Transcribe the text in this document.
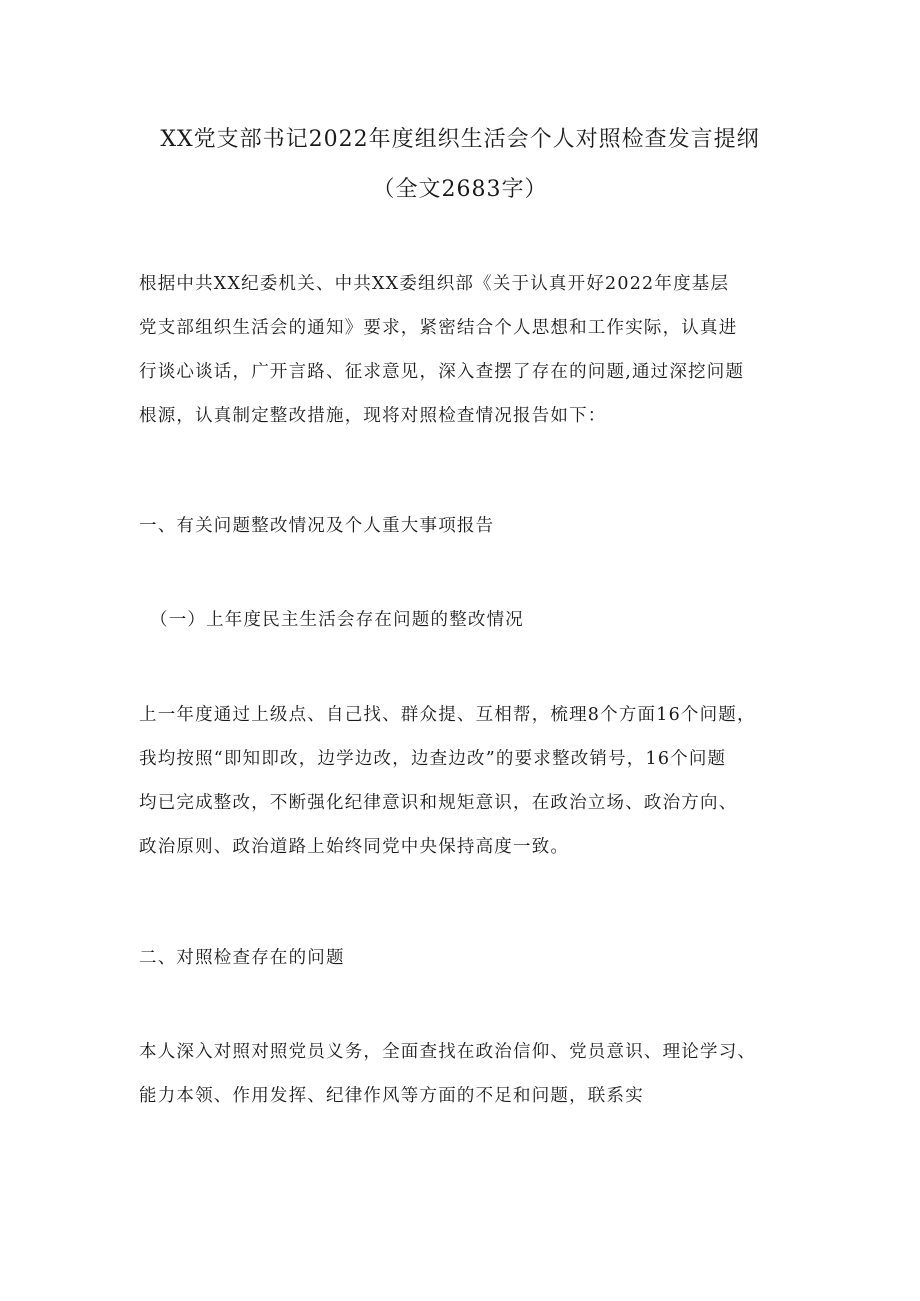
XX党支部书记2022年度组织生活会个人对照检查发言提纲
（全文2683字）

根据中共XX纪委机关、中共XX委组织部《关于认真开好2022年度基层
党支部组织生活会的通知》要求，紧密结合个人思想和工作实际，认真进
行谈心谈话，广开言路、征求意见，深入查摆了存在的问题,通过深挖问题
根源，认真制定整改措施，现将对照检查情况报告如下：

一、有关问题整改情况及个人重大事项报告

（一）上年度民主生活会存在问题的整改情况

上一年度通过上级点、自己找、群众提、互相帮，梳理8个方面16个问题，
我均按照“即知即改，边学边改，边查边改”的要求整改销号，16个问题
均已完成整改，不断强化纪律意识和规矩意识，在政治立场、政治方向、
政治原则、政治道路上始终同党中央保持高度一致。

二、对照检查存在的问题

本人深入对照对照党员义务，全面查找在政治信仰、党员意识、理论学习、
能力本领、作用发挥、纪律作风等方面的不足和问题，联系实
